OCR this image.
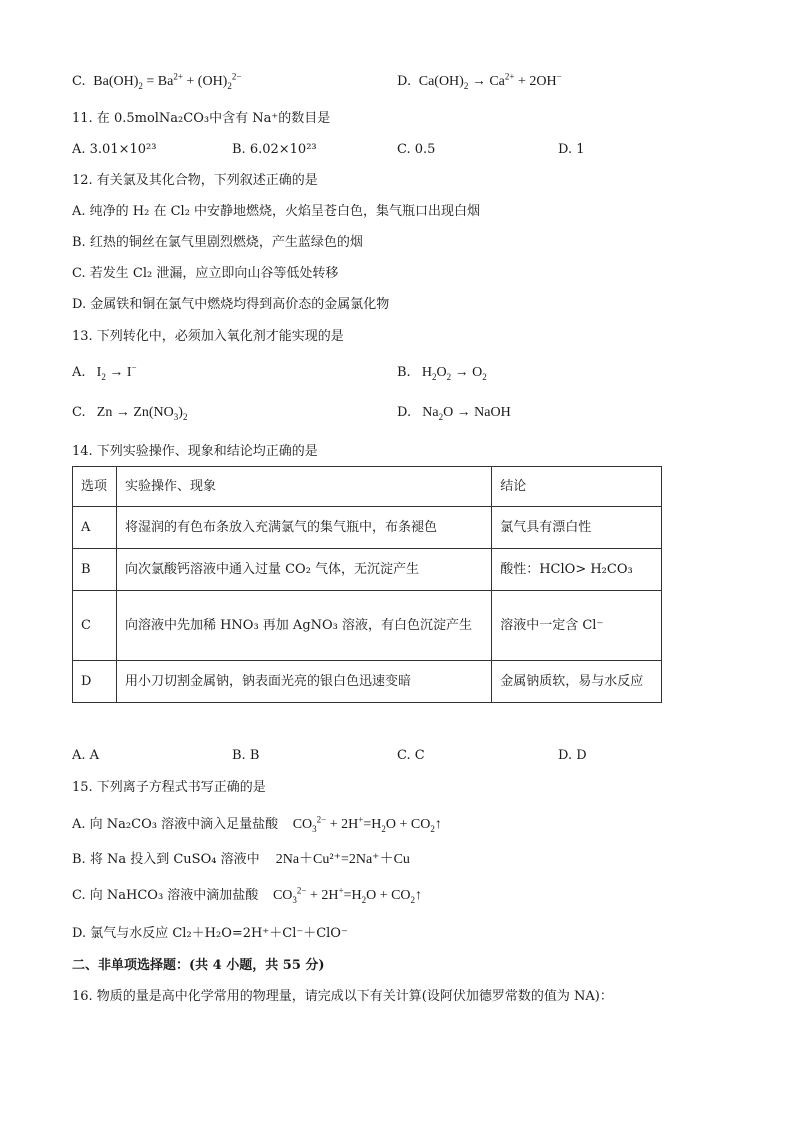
C.  $Ba(OH)_2 = Ba^{2+} + (OH)_2^{2-}$	D.  $Ca(OH)_2 \to Ca^{2+} + 2OH^-$
11. 在 0.5molNa₂CO₃中含有 Na⁺的数目是
A. 3.01×10²³	B. 6.02×10²³	C. 0.5	D. 1
12. 有关氯及其化合物，下列叙述正确的是
A. 纯净的 H₂ 在 Cl₂ 中安静地燃烧，火焰呈苍白色，集气瓶口出现白烟
B. 红热的铜丝在氯气里剧烈燃烧，产生蓝绿色的烟
C. 若发生 Cl₂ 泄漏，应立即向山谷等低处转移
D. 金属铁和铜在氯气中燃烧均得到高价态的金属氯化物
13. 下列转化中，必须加入氧化剂才能实现的是
A.   $I_2 \to I^-$	B.   $H_2O_2 \to O_2$
C.   $Zn \to Zn(NO_3)_2$	D.   $Na_2O$ → NaOH
14. 下列实验操作、现象和结论均正确的是
选项	实验操作、现象	结论
A	将湿润的有色布条放入充满氯气的集气瓶中，布条褪色	氯气具有漂白性
B	向次氯酸钙溶液中通入过量 CO₂ 气体，无沉淀产生	酸性：HClO> H₂CO₃
C	向溶液中先加稀 HNO₃ 再加 AgNO₃ 溶液，有白色沉淀产生	溶液中一定含 Cl⁻
D	用小刀切割金属钠，钠表面光亮的银白色迅速变暗	金属钠质软，易与水反应
A. A	B. B	C. C	D. D
15. 下列离子方程式书写正确的是
A. 向 Na₂CO₃ 溶液中滴入足量盐酸    $CO_3^{2-} + 2H^+=H_2O$ + $CO_2↑$
B. 将 Na 投入到 CuSO₄ 溶液中 2Na＋Cu²⁺=2Na⁺＋Cu
C. 向 NaHCO₃ 溶液中滴加盐酸    $CO_3^{2-} + 2H^+=H_2O$ + $CO_2↑$
D. 氯气与水反应 Cl₂＋H₂O=2H⁺＋Cl⁻＋ClO⁻
二、非单项选择题：(共 4 小题，共 55 分)
16. 物质的量是高中化学常用的物理量，请完成以下有关计算(设阿伏加德罗常数的值为 NA)：
